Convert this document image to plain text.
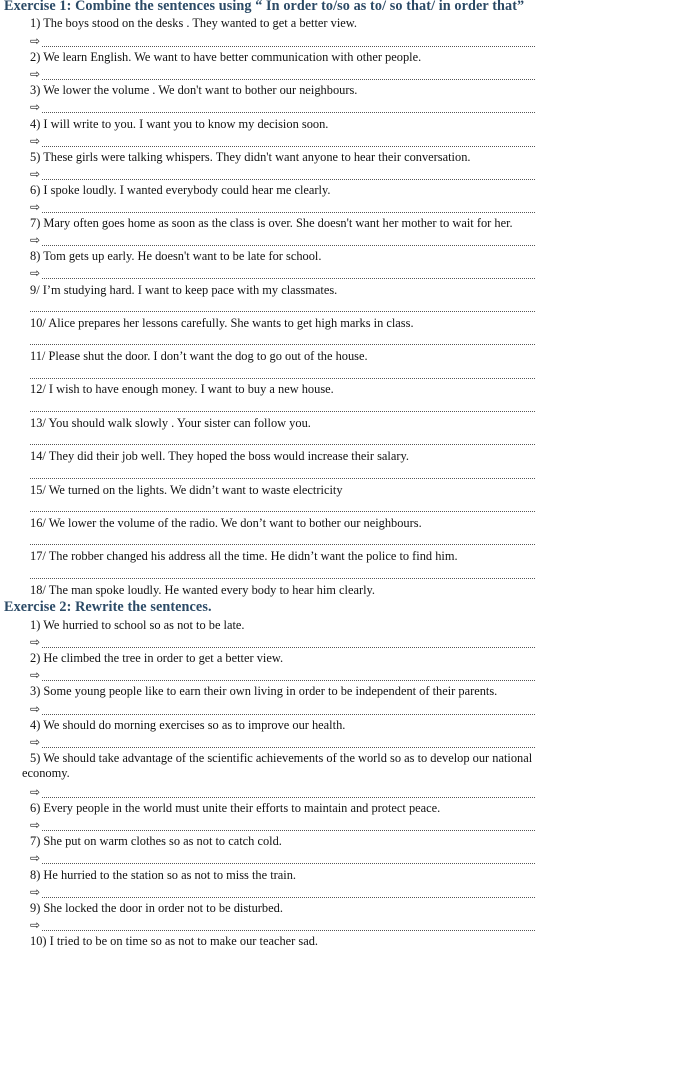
Exercise 1: Combine the sentences using “ In order to/so as to/ so that/ in order that”
1) The boys stood on the desks . They wanted to get a better view.
⇨
2) We learn English. We want to have better communication with other people.
⇨
3) We lower the volume . We don't want to bother our neighbours.
⇨
4) I will write to you. I want you to know my decision soon.
⇨
5) These girls were talking whispers. They didn't want anyone to hear their conversation.
⇨
6) I spoke loudly. I wanted everybody could hear me clearly.
⇨
7) Mary often goes home as soon as the class is over. She doesn't want her mother to wait for her.
⇨
8) Tom gets up early. He doesn't want to be late for school.
⇨
9/ I’m studying hard. I want to keep pace with my classmates.
10/ Alice prepares her lessons carefully. She wants to get high marks in class.
11/ Please shut the door. I don’t want the dog to go out of the house.
12/ I wish to have enough money. I want to buy a new house.
13/ You should walk slowly . Your sister can follow you.
14/ They did their job well. They hoped the boss would increase their salary.
15/ We turned on the lights. We didn’t want to waste electricity
16/ We lower the volume of the radio. We don’t want to bother our neighbours.
17/ The robber changed his address all the time. He didn’t want the police to find him.
18/ The man spoke loudly. He wanted every body to hear him clearly.
Exercise 2: Rewrite the sentences.
1) We hurried to school so as not to be late.
⇨
2) He climbed the tree in order to get a better view.
⇨
3) Some young people like to earn their own living in order to be independent of their parents.
⇨
4) We should do morning exercises so as to improve our health.
⇨
5) We should take advantage of the scientific achievements of the world so as to develop our national economy.
⇨
6) Every people in the world must unite their efforts to maintain and protect peace.
⇨
7) She put on warm clothes so as not to catch cold.
⇨
8) He hurried to the station so as not to miss the train.
⇨
9) She locked the door in order not to be disturbed.
⇨
10) I tried to be on time so as not to make our teacher sad.
